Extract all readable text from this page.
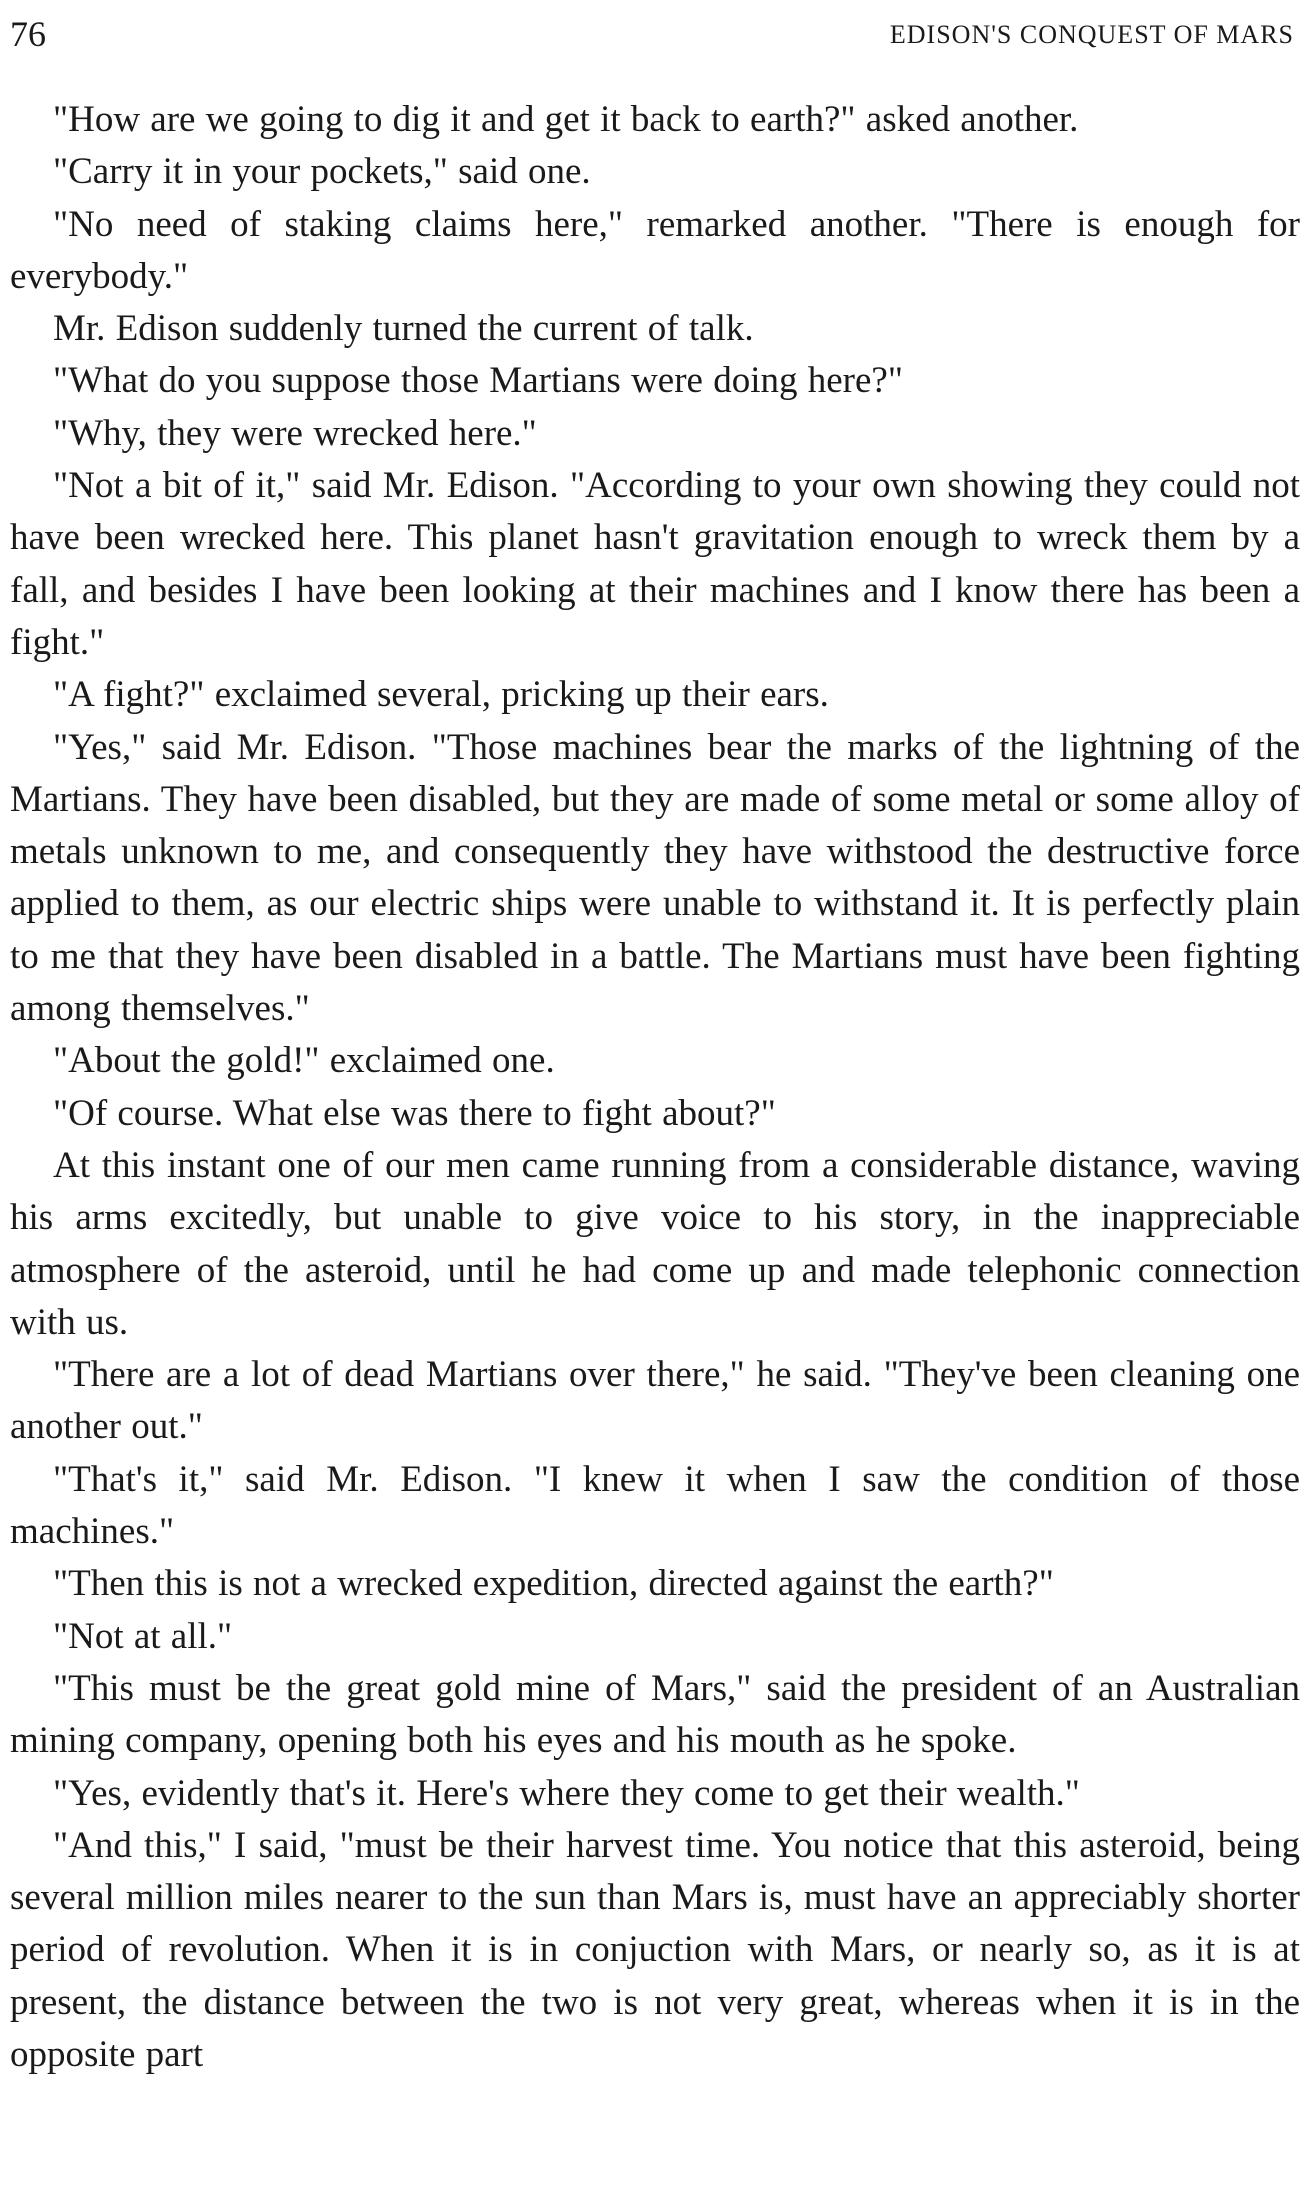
76	EDISON'S CONQUEST OF MARS

"How are we going to dig it and get it back to earth?" asked another.

"Carry it in your pockets," said one.

"No need of staking claims here," remarked another. "There is enough for everybody."

Mr. Edison suddenly turned the current of talk.

"What do you suppose those Martians were doing here?"

"Why, they were wrecked here."

"Not a bit of it," said Mr. Edison. "According to your own showing they could not have been wrecked here. This planet hasn't gravitation enough to wreck them by a fall, and besides I have been looking at their machines and I know there has been a fight."

"A fight?" exclaimed several, pricking up their ears.

"Yes," said Mr. Edison. "Those machines bear the marks of the lightning of the Martians. They have been disabled, but they are made of some metal or some alloy of metals unknown to me, and consequently they have withstood the destructive force applied to them, as our electric ships were unable to withstand it. It is perfectly plain to me that they have been disabled in a battle. The Martians must have been fighting among themselves."

"About the gold!" exclaimed one.

"Of course. What else was there to fight about?"

At this instant one of our men came running from a considerable distance, waving his arms excitedly, but unable to give voice to his story, in the inappreciable atmosphere of the asteroid, until he had come up and made telephonic connection with us.

"There are a lot of dead Martians over there," he said. "They've been cleaning one another out."

"That's it," said Mr. Edison. "I knew it when I saw the condition of those machines."

"Then this is not a wrecked expedition, directed against the earth?"

"Not at all."

"This must be the great gold mine of Mars," said the president of an Australian mining company, opening both his eyes and his mouth as he spoke.

"Yes, evidently that's it. Here's where they come to get their wealth."

"And this," I said, "must be their harvest time. You notice that this asteroid, being several million miles nearer to the sun than Mars is, must have an appreciably shorter period of revolution. When it is in conjuction with Mars, or nearly so, as it is at present, the distance between the two is not very great, whereas when it is in the opposite part
